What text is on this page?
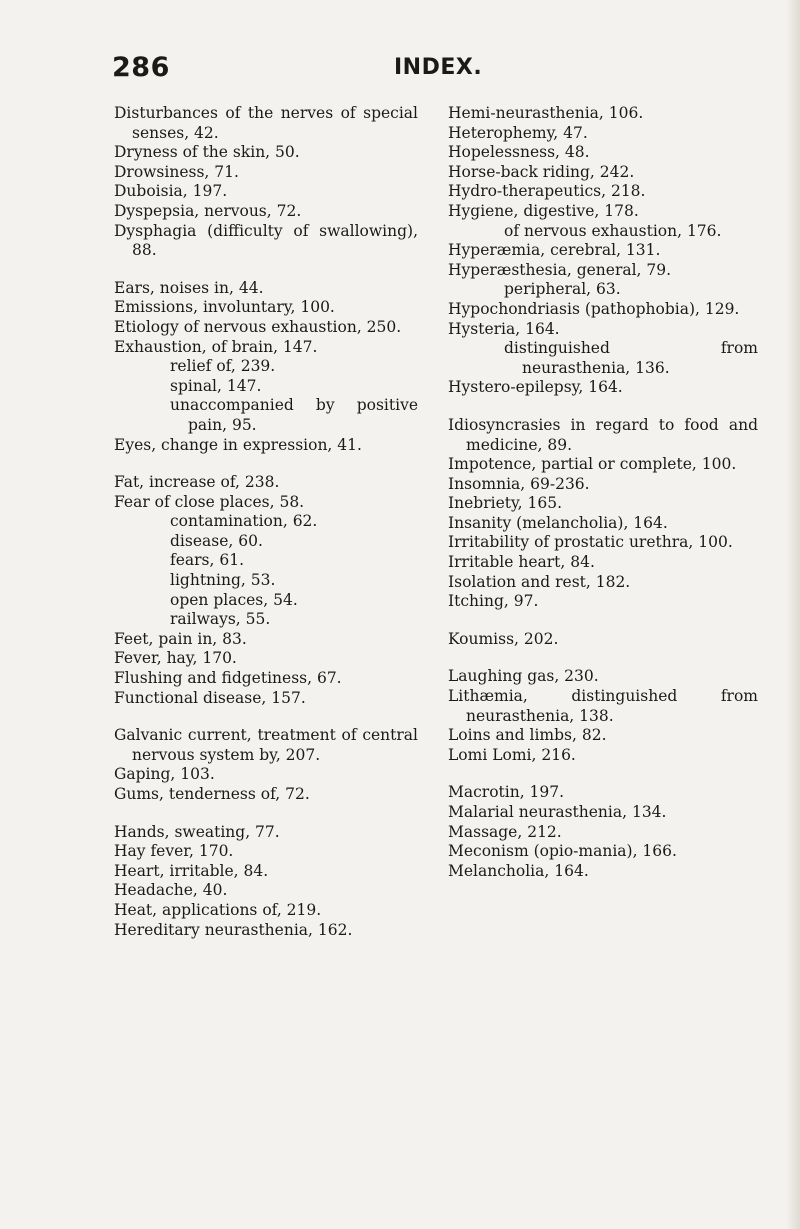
286	INDEX.
Disturbances of the nerves of special senses, 42.
Dryness of the skin, 50.
Drowsiness, 71.
Duboisia, 197.
Dyspepsia, nervous, 72.
Dysphagia (difficulty of swallowing), 88.
Ears, noises in, 44.
Emissions, involuntary, 100.
Etiology of nervous exhaustion, 250.
Exhaustion, of brain, 147.
relief of, 239.
spinal, 147.
unaccompanied by positive pain, 95.
Eyes, change in expression, 41.
Fat, increase of, 238.
Fear of close places, 58.
contamination, 62.
disease, 60.
fears, 61.
lightning, 53.
open places, 54.
railways, 55.
Feet, pain in, 83.
Fever, hay, 170.
Flushing and fidgetiness, 67.
Functional disease, 157.
Galvanic current, treatment of central nervous system by, 207.
Gaping, 103.
Gums, tenderness of, 72.
Hands, sweating, 77.
Hay fever, 170.
Heart, irritable, 84.
Headache, 40.
Heat, applications of, 219.
Hereditary neurasthenia, 162.
Hemi-neurasthenia, 106.
Heterophemy, 47.
Hopelessness, 48.
Horse-back riding, 242.
Hydro-therapeutics, 218.
Hygiene, digestive, 178.
of nervous exhaustion, 176.
Hyperæmia, cerebral, 131.
Hyperæsthesia, general, 79.
peripheral, 63.
Hypochondriasis (pathophobia), 129.
Hysteria, 164.
distinguished from neurasthenia, 136.
Hystero-epilepsy, 164.
Idiosyncrasies in regard to food and medicine, 89.
Impotence, partial or complete, 100.
Insomnia, 69-236.
Inebriety, 165.
Insanity (melancholia), 164.
Irritability of prostatic urethra, 100.
Irritable heart, 84.
Isolation and rest, 182.
Itching, 97.
Koumiss, 202.
Laughing gas, 230.
Lithæmia, distinguished from neurasthenia, 138.
Loins and limbs, 82.
Lomi Lomi, 216.
Macrotin, 197.
Malarial neurasthenia, 134.
Massage, 212.
Meconism (opio-mania), 166.
Melancholia, 164.
